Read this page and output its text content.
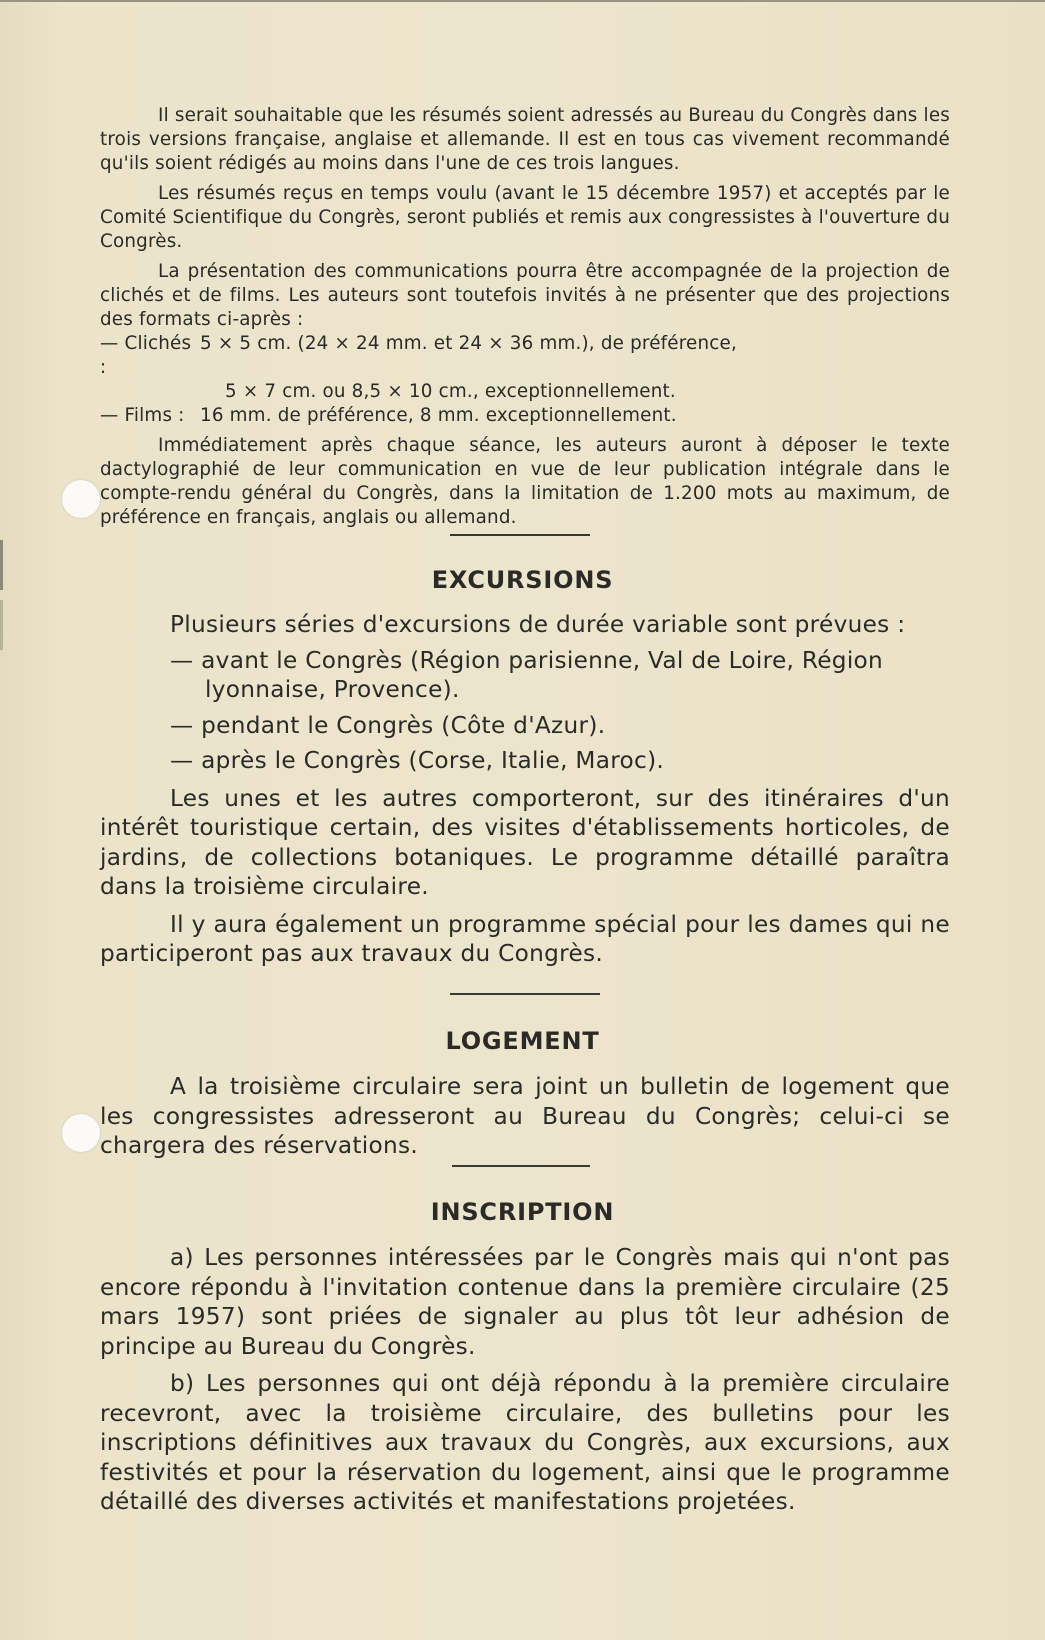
Il serait souhaitable que les résumés soient adressés au Bureau du Congrès dans les trois versions française, anglaise et allemande. Il est en tous cas vivement recommandé qu'ils soient rédigés au moins dans l'une de ces trois langues.

Les résumés reçus en temps voulu (avant le 15 décembre 1957) et acceptés par le Comité Scientifique du Congrès, seront publiés et remis aux congressistes à l'ouverture du Congrès.

La présentation des communications pourra être accompagnée de la projection de clichés et de films. Les auteurs sont toutefois invités à ne présenter que des projections des formats ci-après :

— Clichés :
5 × 5 cm. (24 × 24 mm. et 24 × 36 mm.), de préférence,
5 × 7 cm. ou 8,5 × 10 cm., exceptionnellement.
— Films : 16 mm. de préférence, 8 mm. exceptionnellement.

Immédiatement après chaque séance, les auteurs auront à déposer le texte dactylographié de leur communication en vue de leur publication intégrale dans le compte-rendu général du Congrès, dans la limitation de 1.200 mots au maximum, de préférence en français, anglais ou allemand.

EXCURSIONS
Plusieurs séries d'excursions de durée variable sont prévues :
— avant le Congrès (Région parisienne, Val de Loire, Région
lyonnaise, Provence).
— pendant le Congrès (Côte d'Azur).
— après le Congrès (Corse, Italie, Maroc).

Les unes et les autres comporteront, sur des itinéraires d'un intérêt touristique certain, des visites d'établissements horticoles, de jardins, de collections botaniques. Le programme détaillé paraîtra dans la troisième circulaire.

Il y aura également un programme spécial pour les dames qui ne participeront pas aux travaux du Congrès.

LOGEMENT

A la troisième circulaire sera joint un bulletin de logement que les congressistes adresseront au Bureau du Congrès; celui-ci se chargera des réservations.

INSCRIPTION

a) Les personnes intéressées par le Congrès mais qui n'ont pas encore répondu à l'invitation contenue dans la première circulaire (25 mars 1957) sont priées de signaler au plus tôt leur adhésion de principe au Bureau du Congrès.

b) Les personnes qui ont déjà répondu à la première circulaire recevront, avec la troisième circulaire, des bulletins pour les inscriptions définitives aux travaux du Congrès, aux excursions, aux festivités et pour la réservation du logement, ainsi que le programme détaillé des diverses activités et manifestations projetées.
